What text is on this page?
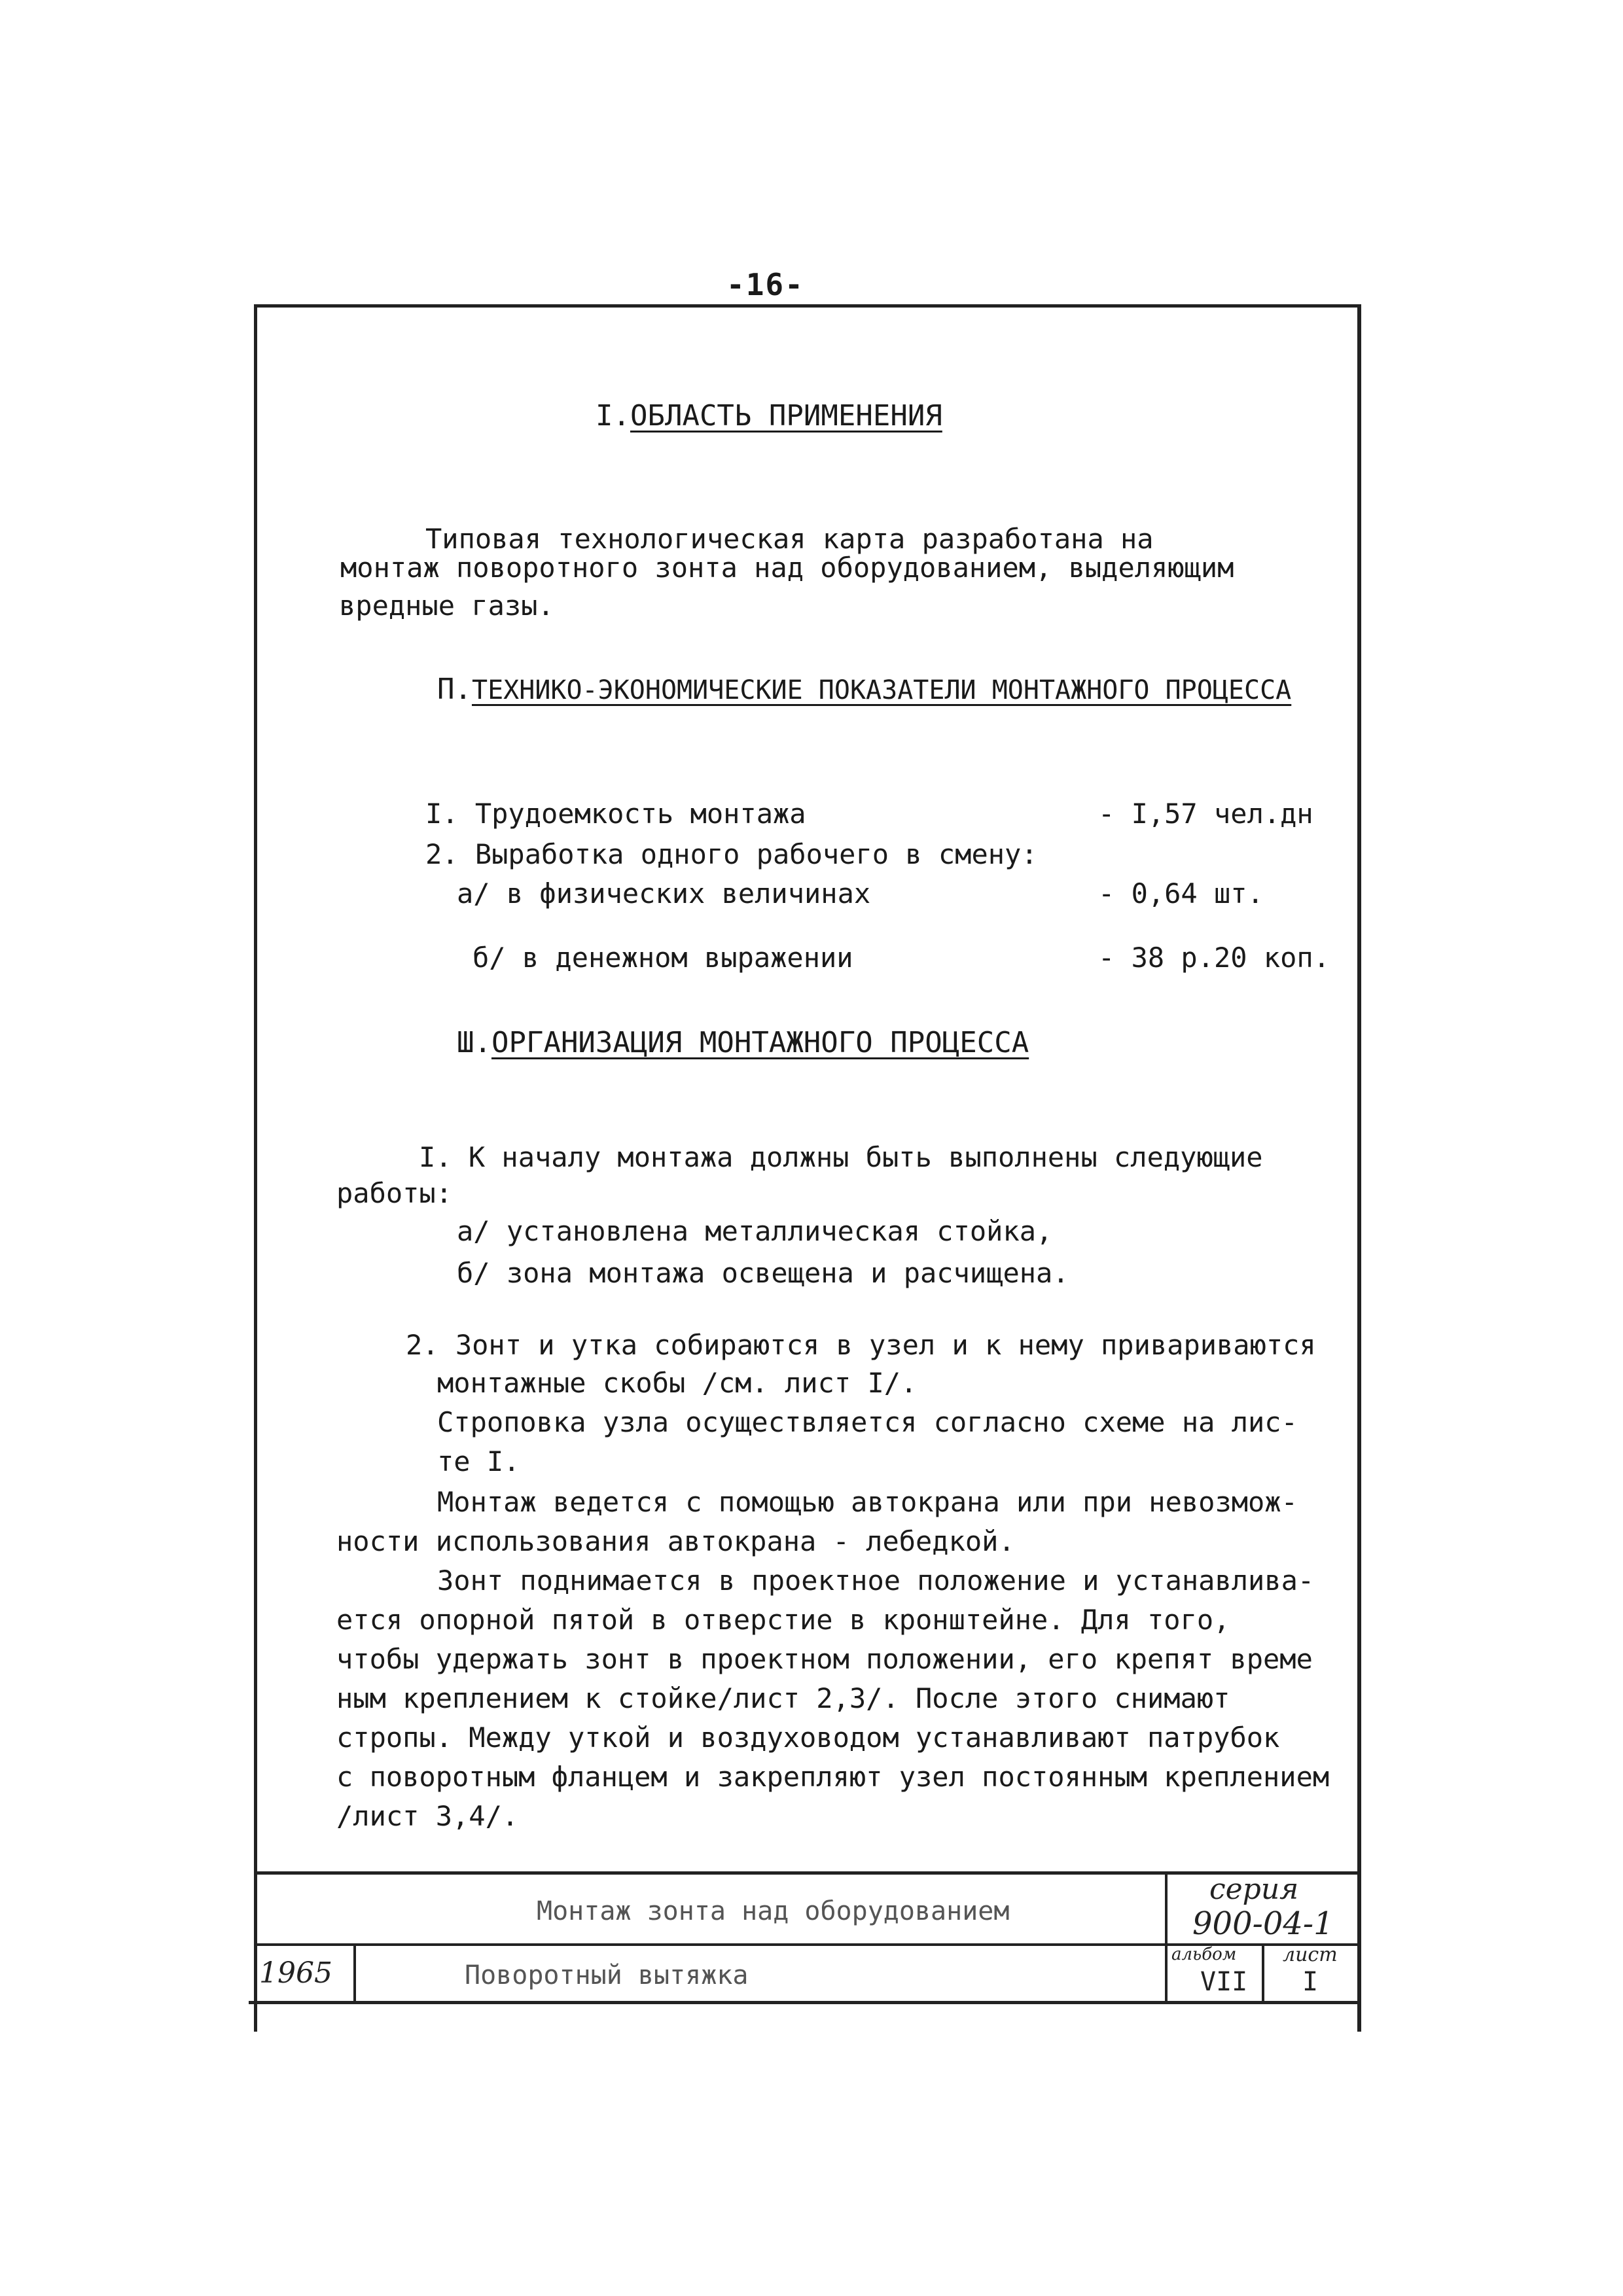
-16-
I.ОБЛАСТЬ ПРИМЕНЕНИЯ
Типовая технологическая карта разработана на
монтаж поворотного зонта над оборудованием, выделяющим
вредные газы.
П.ТЕХНИКО-ЭКОНОМИЧЕСКИЕ ПОКАЗАТЕЛИ МОНТАЖНОГО ПРОЦЕССА
I. Трудоемкость монтажа	- I,57 чел.дн
2. Выработка одного рабочего в смену:
а/ в физических величинах	- 0,64 шт.
б/ в денежном выражении	- 38 р.20 коп.
Ш.ОРГАНИЗАЦИЯ МОНТАЖНОГО ПРОЦЕССА
I. К началу монтажа должны быть выполнены следующие
работы:
а/ установлена металлическая стойка,
б/ зона монтажа освещена и расчищена.
2. Зонт и утка собираются в узел и к нему привариваются
монтажные скобы /см. лист I/.
Строповка узла осуществляется согласно схеме на лис-
те I.
Монтаж ведется с помощью автокрана или при невозмож-
ности использования автокрана - лебедкой.
Зонт поднимается в проектное положение и устанавлива-
ется опорной пятой в отверстие в кронштейне. Для того,
чтобы удержать зонт в проектном положении, его крепят време
ным креплением к стойке/лист 2,3/. После этого снимают
стропы. Между уткой и воздуховодом устанавливают патрубок
с поворотным фланцем и закрепляют узел постоянным креплением
/лист 3,4/.
Монтаж зонта над оборудованием
Поворотный вытяжка
1965
серия
900-04-1
альбом
VII
лист
I
